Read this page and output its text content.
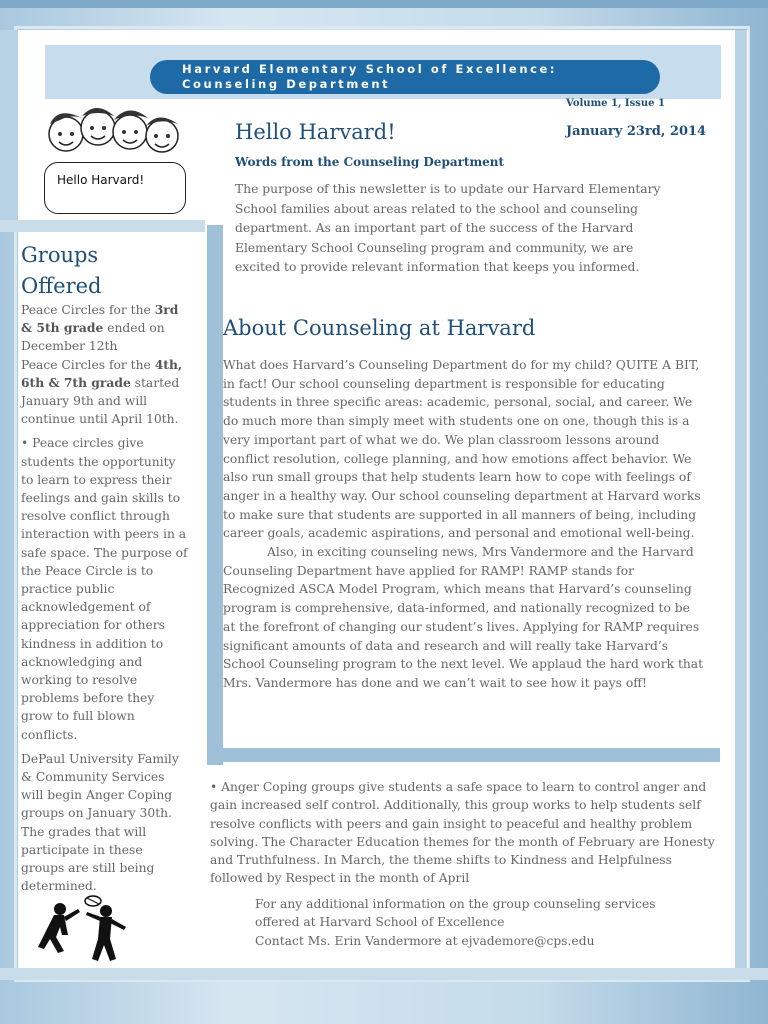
Harvard Elementary School of Excellence:
Counseling Department
Volume 1, Issue 1
January 23rd, 2014
Hello Harvard!
Hello Harvard!
Words from the Counseling Department
The purpose of this newsletter is to update our Harvard Elementary School families about areas related to the school and counseling department. As an important part of the success of the Harvard Elementary School Counseling program and community, we are excited to provide relevant information that keeps you informed.
About Counseling at Harvard

What does Harvard’s Counseling Department do for my child? QUITE A BIT, in fact! Our school counseling department is responsible for educating students in three specific areas: academic, personal, social, and career. We do much more than simply meet with students one on one, though this is a very important part of what we do. We plan classroom lessons around conflict resolution, college planning, and how emotions affect behavior. We also run small groups that help students learn how to cope with feelings of anger in a healthy way. Our school counseling department at Harvard works to make sure that students are supported in all manners of being, including career goals, academic aspirations, and personal and emotional well-being.

Also, in exciting counseling news, Mrs Vandermore and the Harvard Counseling Department have applied for RAMP! RAMP stands for Recognized ASCA Model Program, which means that Harvard’s counseling program is comprehensive, data-informed, and nationally recognized to be at the forefront of changing our student’s lives. Applying for RAMP requires significant amounts of data and research and will really take Harvard’s School Counseling program to the next level. We applaud the hard work that Mrs. Vandermore has done and we can’t wait to see how it pays off!

Groups Offered

Peace Circles for the 3rd & 5th grade ended on December 12th
Peace Circles for the 4th, 6th & 7th grade started January 9th and will continue until April 10th.

• Peace circles give students the opportunity to learn to express their feelings and gain skills to resolve conflict through interaction with peers in a safe space. The purpose of the Peace Circle is to practice public acknowledgement of appreciation for others kindness in addition to acknowledging and working to resolve problems before they grow to full blown conflicts.

DePaul University Family & Community Services will begin Anger Coping groups on January 30th. The grades that will participate in these groups are still being determined.

• Anger Coping groups give students a safe space to learn to control anger and gain increased self control. Additionally, this group works to help students self resolve conflicts with peers and gain insight to peaceful and healthy problem solving. The Character Education themes for the month of February are Honesty and Truthfulness. In March, the theme shifts to Kindness and Helpfulness followed by Respect in the month of April
For any additional information on the group counseling services
offered at Harvard School of Excellence
Contact Ms. Erin Vandermore at ejvademore@cps.edu
